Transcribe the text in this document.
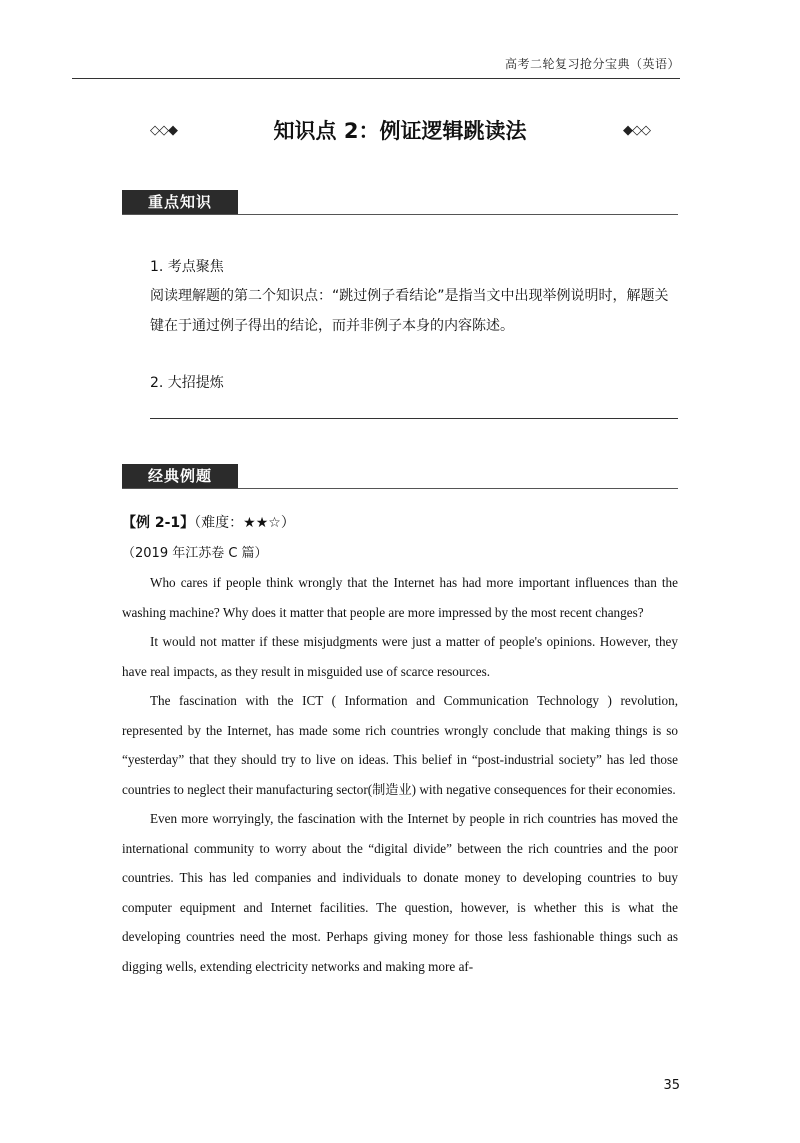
高考二轮复习抢分宝典（英语）
◇◇◆	知识点 2：例证逻辑跳读法	◆◇◇
重点知识
1. 考点聚焦
阅读理解题的第二个知识点：“跳过例子看结论”是指当文中出现举例说明时，解题关键在于通过例子得出的结论，而并非例子本身的内容陈述。
2. 大招提炼
经典例题
【例 2-1】（难度：★★☆）
（2019 年江苏卷 C 篇）

Who cares if people think wrongly that the Internet has had more important influences than the washing machine? Why does it matter that people are more impressed by the most recent changes?

It would not matter if these misjudgments were just a matter of people's opinions. However, they have real impacts, as they result in misguided use of scarce resources.

The fascination with the ICT ( Information and Communication Technology ) revolution, represented by the Internet, has made some rich countries wrongly conclude that making things is so “yesterday” that they should try to live on ideas. This belief in “post-industrial society” has led those countries to neglect their manufacturing sector(制造业) with negative consequences for their economies.

Even more worryingly, the fascination with the Internet by people in rich countries has moved the international community to worry about the “digital divide” between the rich countries and the poor countries. This has led companies and individuals to donate money to developing countries to buy computer equipment and Internet facilities. The question, however, is whether this is what the developing countries need the most. Perhaps giving money for those less fashionable things such as digging wells, extending electricity networks and making more af-

35
